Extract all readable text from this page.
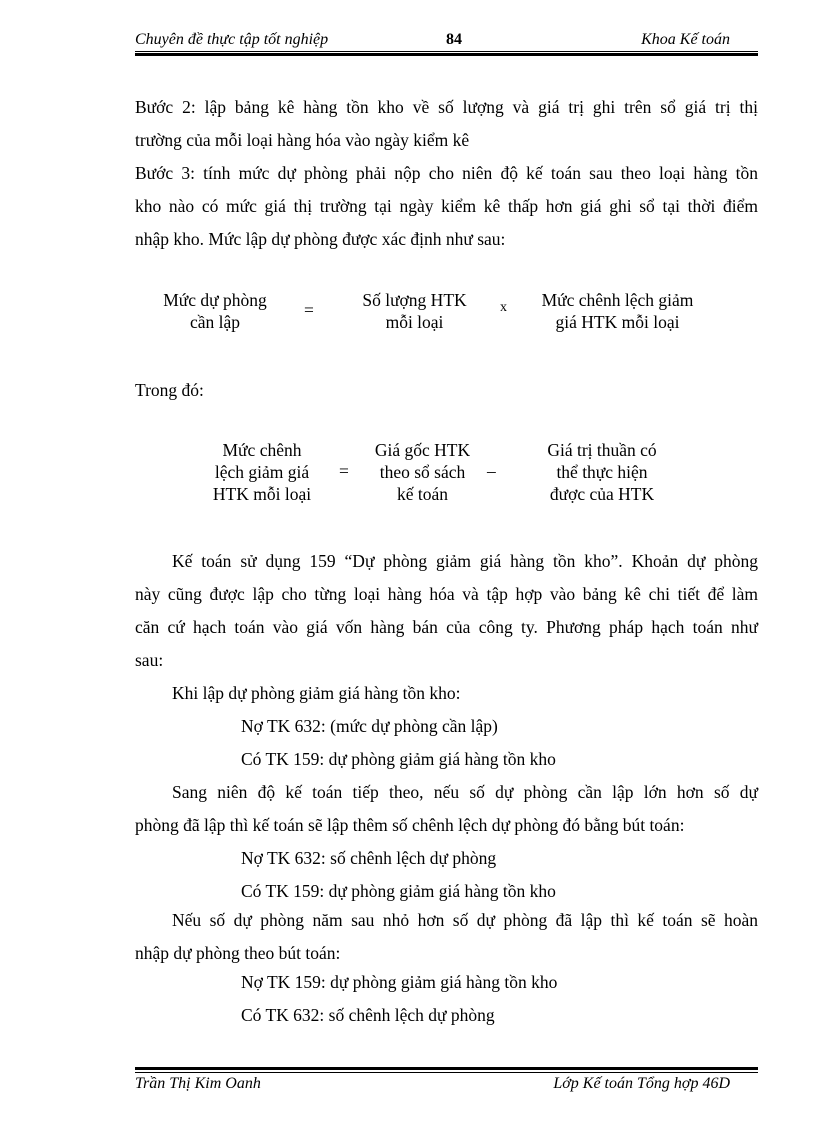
Chuyên đề thực tập tốt nghiệp	84	Khoa Kế toán
Bước 2: lập bảng kê hàng tồn kho về số lượng và giá trị ghi trên sổ giá trị thị
trường của mỗi loại hàng hóa vào ngày kiểm kê
Bước 3: tính mức dự phòng phải nộp cho niên độ kế toán sau theo loại hàng tồn
kho nào có mức giá thị trường tại ngày kiểm kê thấp hơn giá ghi sổ tại thời điểm
nhập kho. Mức lập dự phòng được xác định như sau:
Mức dự phòng
cần lập
=	Số lượng HTK
mỗi loại
x	Mức chênh lệch giảm
giá HTK mỗi loại
Trong đó:
Mức chênh
lệch giảm giá
HTK mỗi loại
=
Giá gốc HTK
theo sổ sách
kế toán
–
Giá trị thuần có
thể thực hiện
được của HTK
Kế toán sử dụng 159 “Dự phòng giảm giá hàng tồn kho”. Khoản dự phòng
này cũng được lập cho từng loại hàng hóa và tập hợp vào bảng kê chi tiết để làm
căn cứ hạch toán vào giá vốn hàng bán của công ty. Phương pháp hạch toán như
sau:
Khi lập dự phòng giảm giá hàng tồn kho:
Nợ TK 632: (mức dự phòng cần lập)
Có TK 159: dự phòng giảm giá hàng tồn kho
Sang niên độ kế toán tiếp theo, nếu số dự phòng cần lập lớn hơn số dự
phòng đã lập thì kế toán sẽ lập thêm số chênh lệch dự phòng đó bằng bút toán:
Nợ TK 632: số chênh lệch dự phòng
Có TK 159: dự phòng giảm giá hàng tồn kho
Nếu số dự phòng năm sau nhỏ hơn số dự phòng đã lập thì kế toán sẽ hoàn
nhập dự phòng theo bút toán:
Nợ TK 159: dự phòng giảm giá hàng tồn kho
Có TK 632: số chênh lệch dự phòng
Trần Thị Kim Oanh	Lớp Kế toán Tổng hợp 46D
